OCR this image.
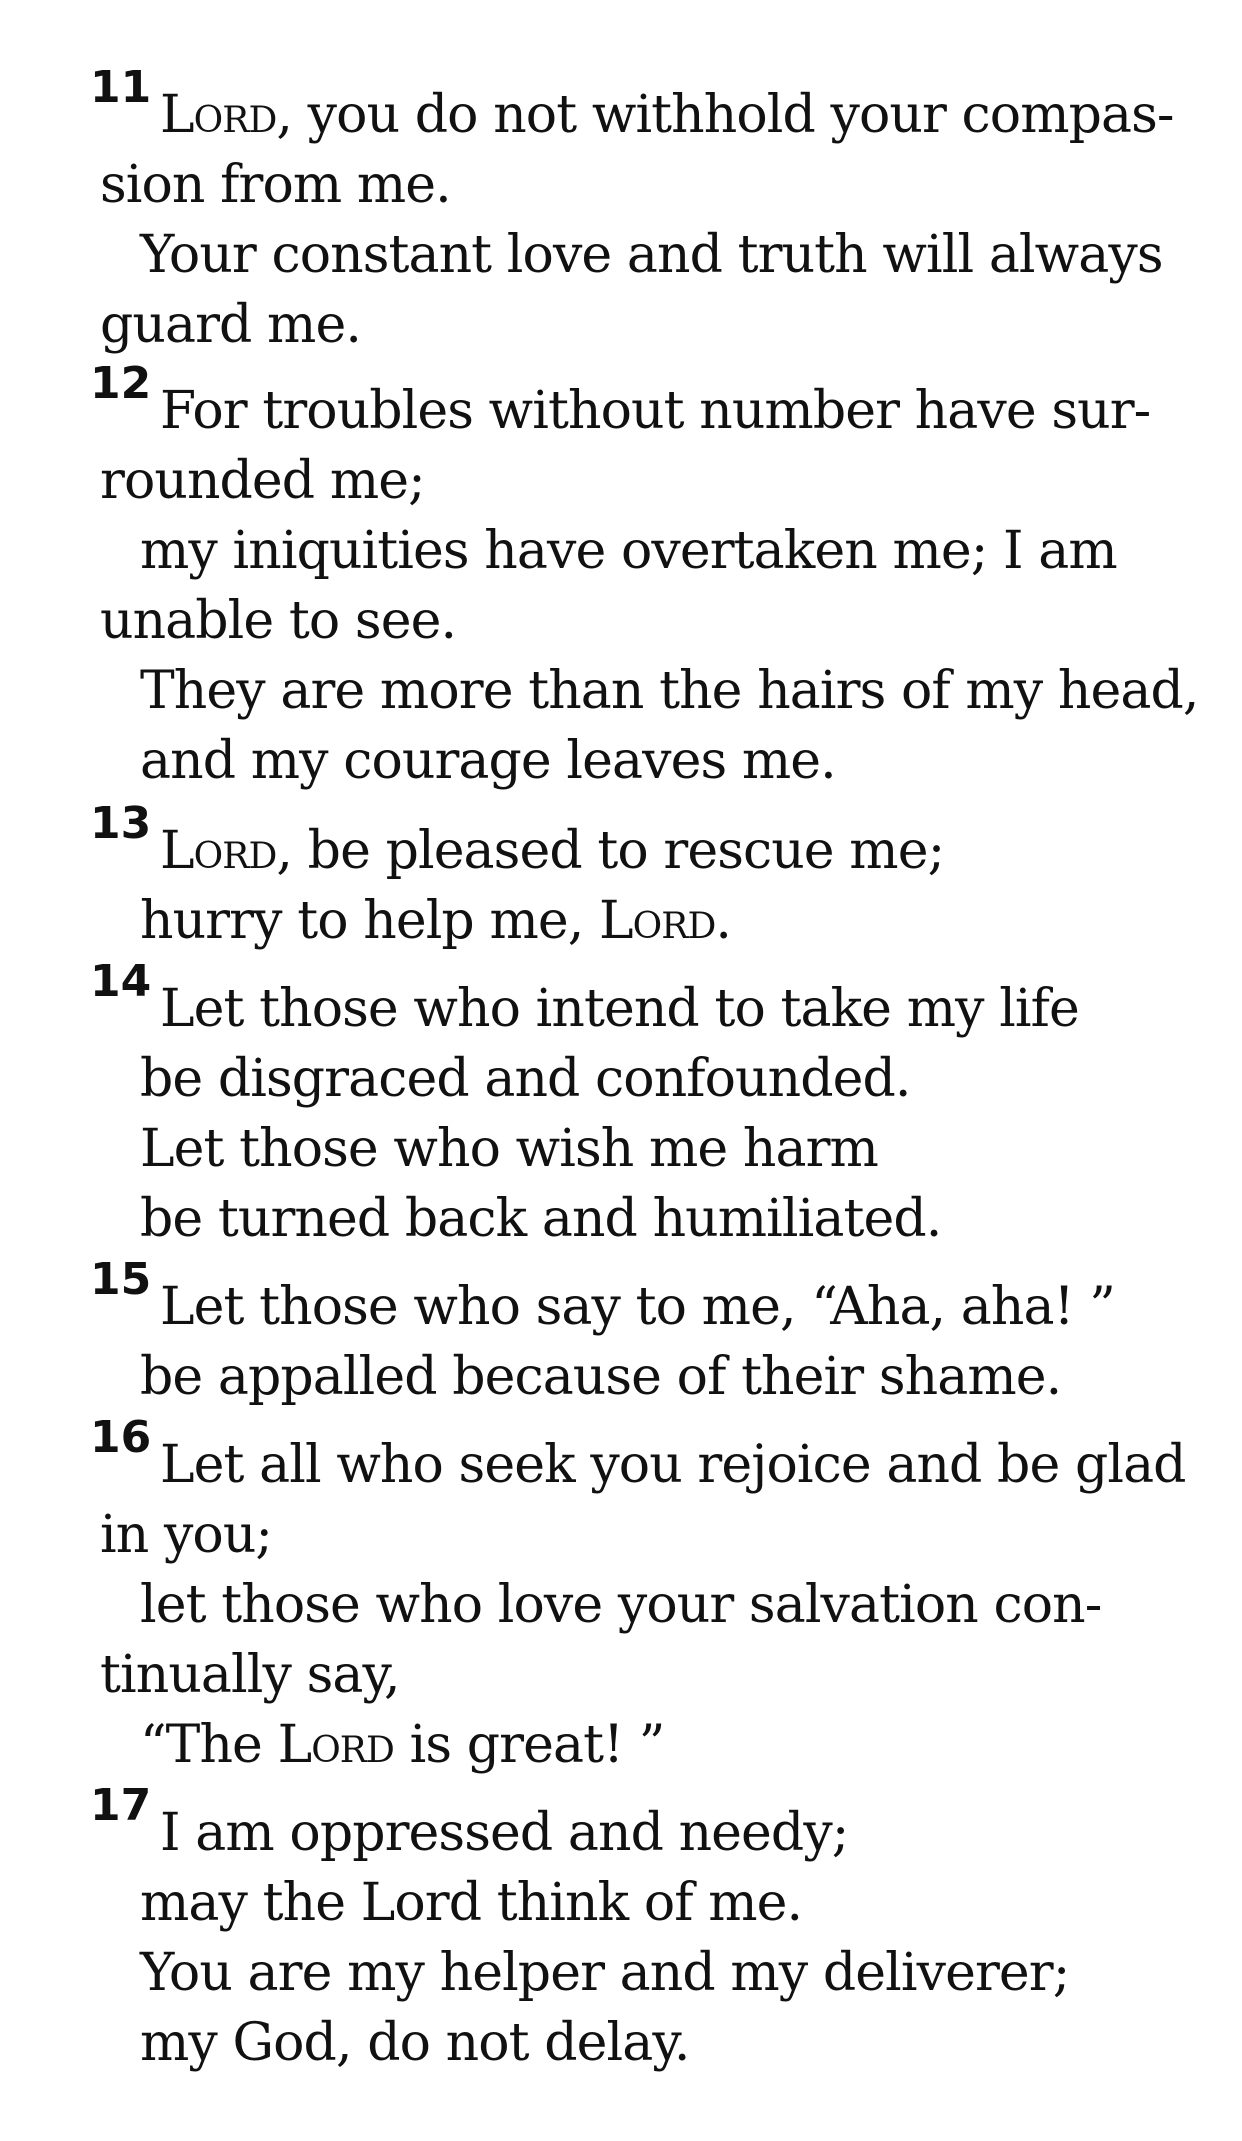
11 Lord, you do not withhold your compas-
sion from me.
Your constant love and truth will always
guard me.
12 For troubles without number have sur-
rounded me;
my iniquities have overtaken me; I am
unable to see.
They are more than the hairs of my head,
and my courage leaves me.
13 Lord, be pleased to rescue me;
hurry to help me, Lord.
14 Let those who intend to take my life
be disgraced and confounded.
Let those who wish me harm
be turned back and humiliated.
15 Let those who say to me, “Aha, aha! ”
be appalled because of their shame.
16 Let all who seek you rejoice and be glad
in you;
let those who love your salvation con-
tinually say,
“The Lord is great! ”
17 I am oppressed and needy;
may the Lord think of me.
You are my helper and my deliverer;
my God, do not delay.
